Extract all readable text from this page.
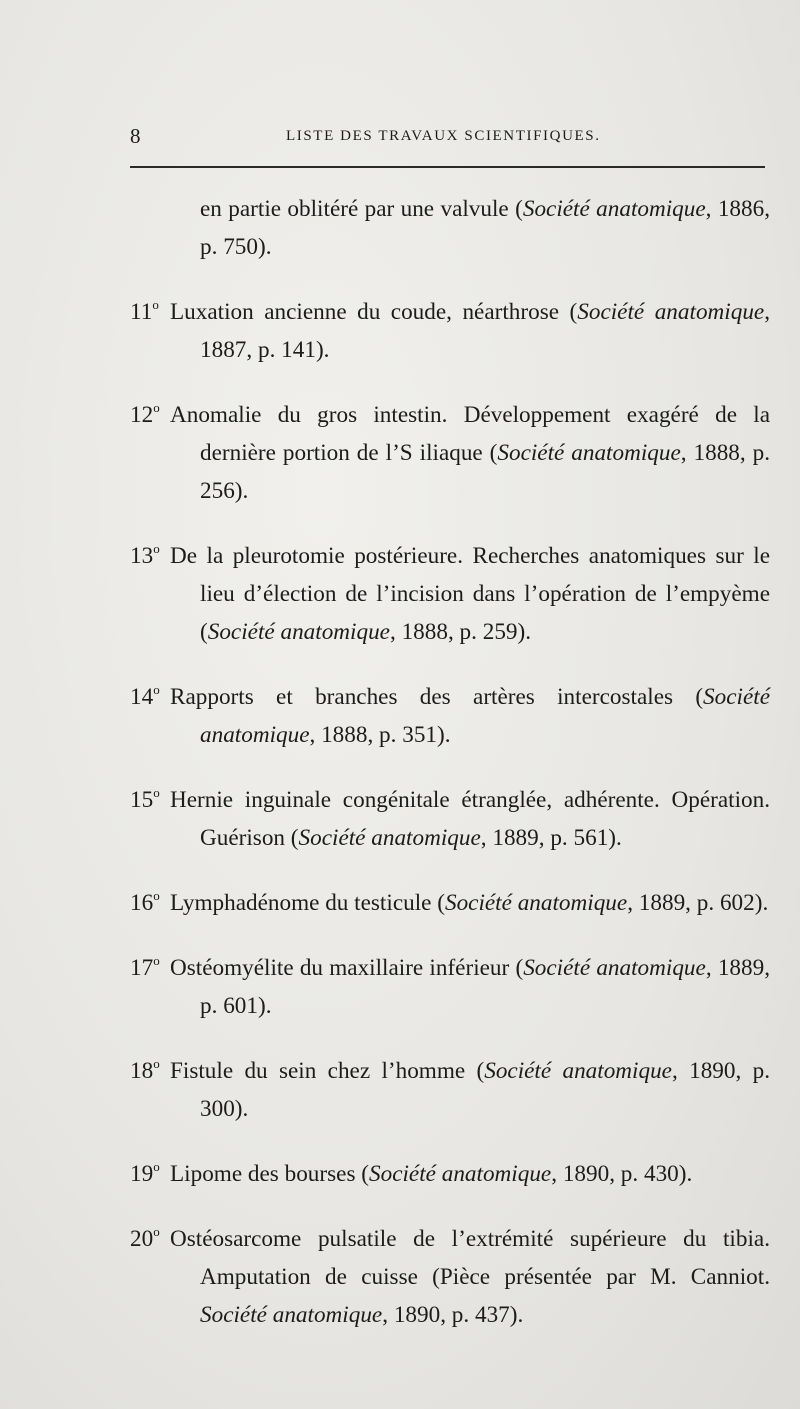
8	LISTE DES TRAVAUX SCIENTIFIQUES.
en partie oblitéré par une valvule (Société anatomique, 1886, p. 750).
11$^o$ Luxation ancienne du coude, néarthrose (Société anatomique, 1887, p. 141).
12$^o$ Anomalie du gros intestin. Développement exagéré de la dernière portion de l’S iliaque (Société anatomique, 1888, p. 256).
13$^o$ De la pleurotomie postérieure. Recherches anatomiques sur le lieu d’élection de l’incision dans l’opération de l’empyème (Société anatomique, 1888, p. 259).
14$^o$ Rapports et branches des artères intercostales (Société anatomique, 1888, p. 351).
15$^o$ Hernie inguinale congénitale étranglée, adhérente. Opération. Guérison (Société anatomique, 1889, p. 561).
16$^o$ Lymphadénome du testicule (Société anatomique, 1889, p. 602).
17$^o$ Ostéomyélite du maxillaire inférieur (Société anatomique, 1889, p. 601).
18$^o$ Fistule du sein chez l’homme (Société anatomique, 1890, p. 300).
19$^o$ Lipome des bourses (Société anatomique, 1890, p. 430).
20$^o$ Ostéosarcome pulsatile de l’extrémité supérieure du tibia. Amputation de cuisse (Pièce présentée par M. Canniot. Société anatomique, 1890, p. 437).
